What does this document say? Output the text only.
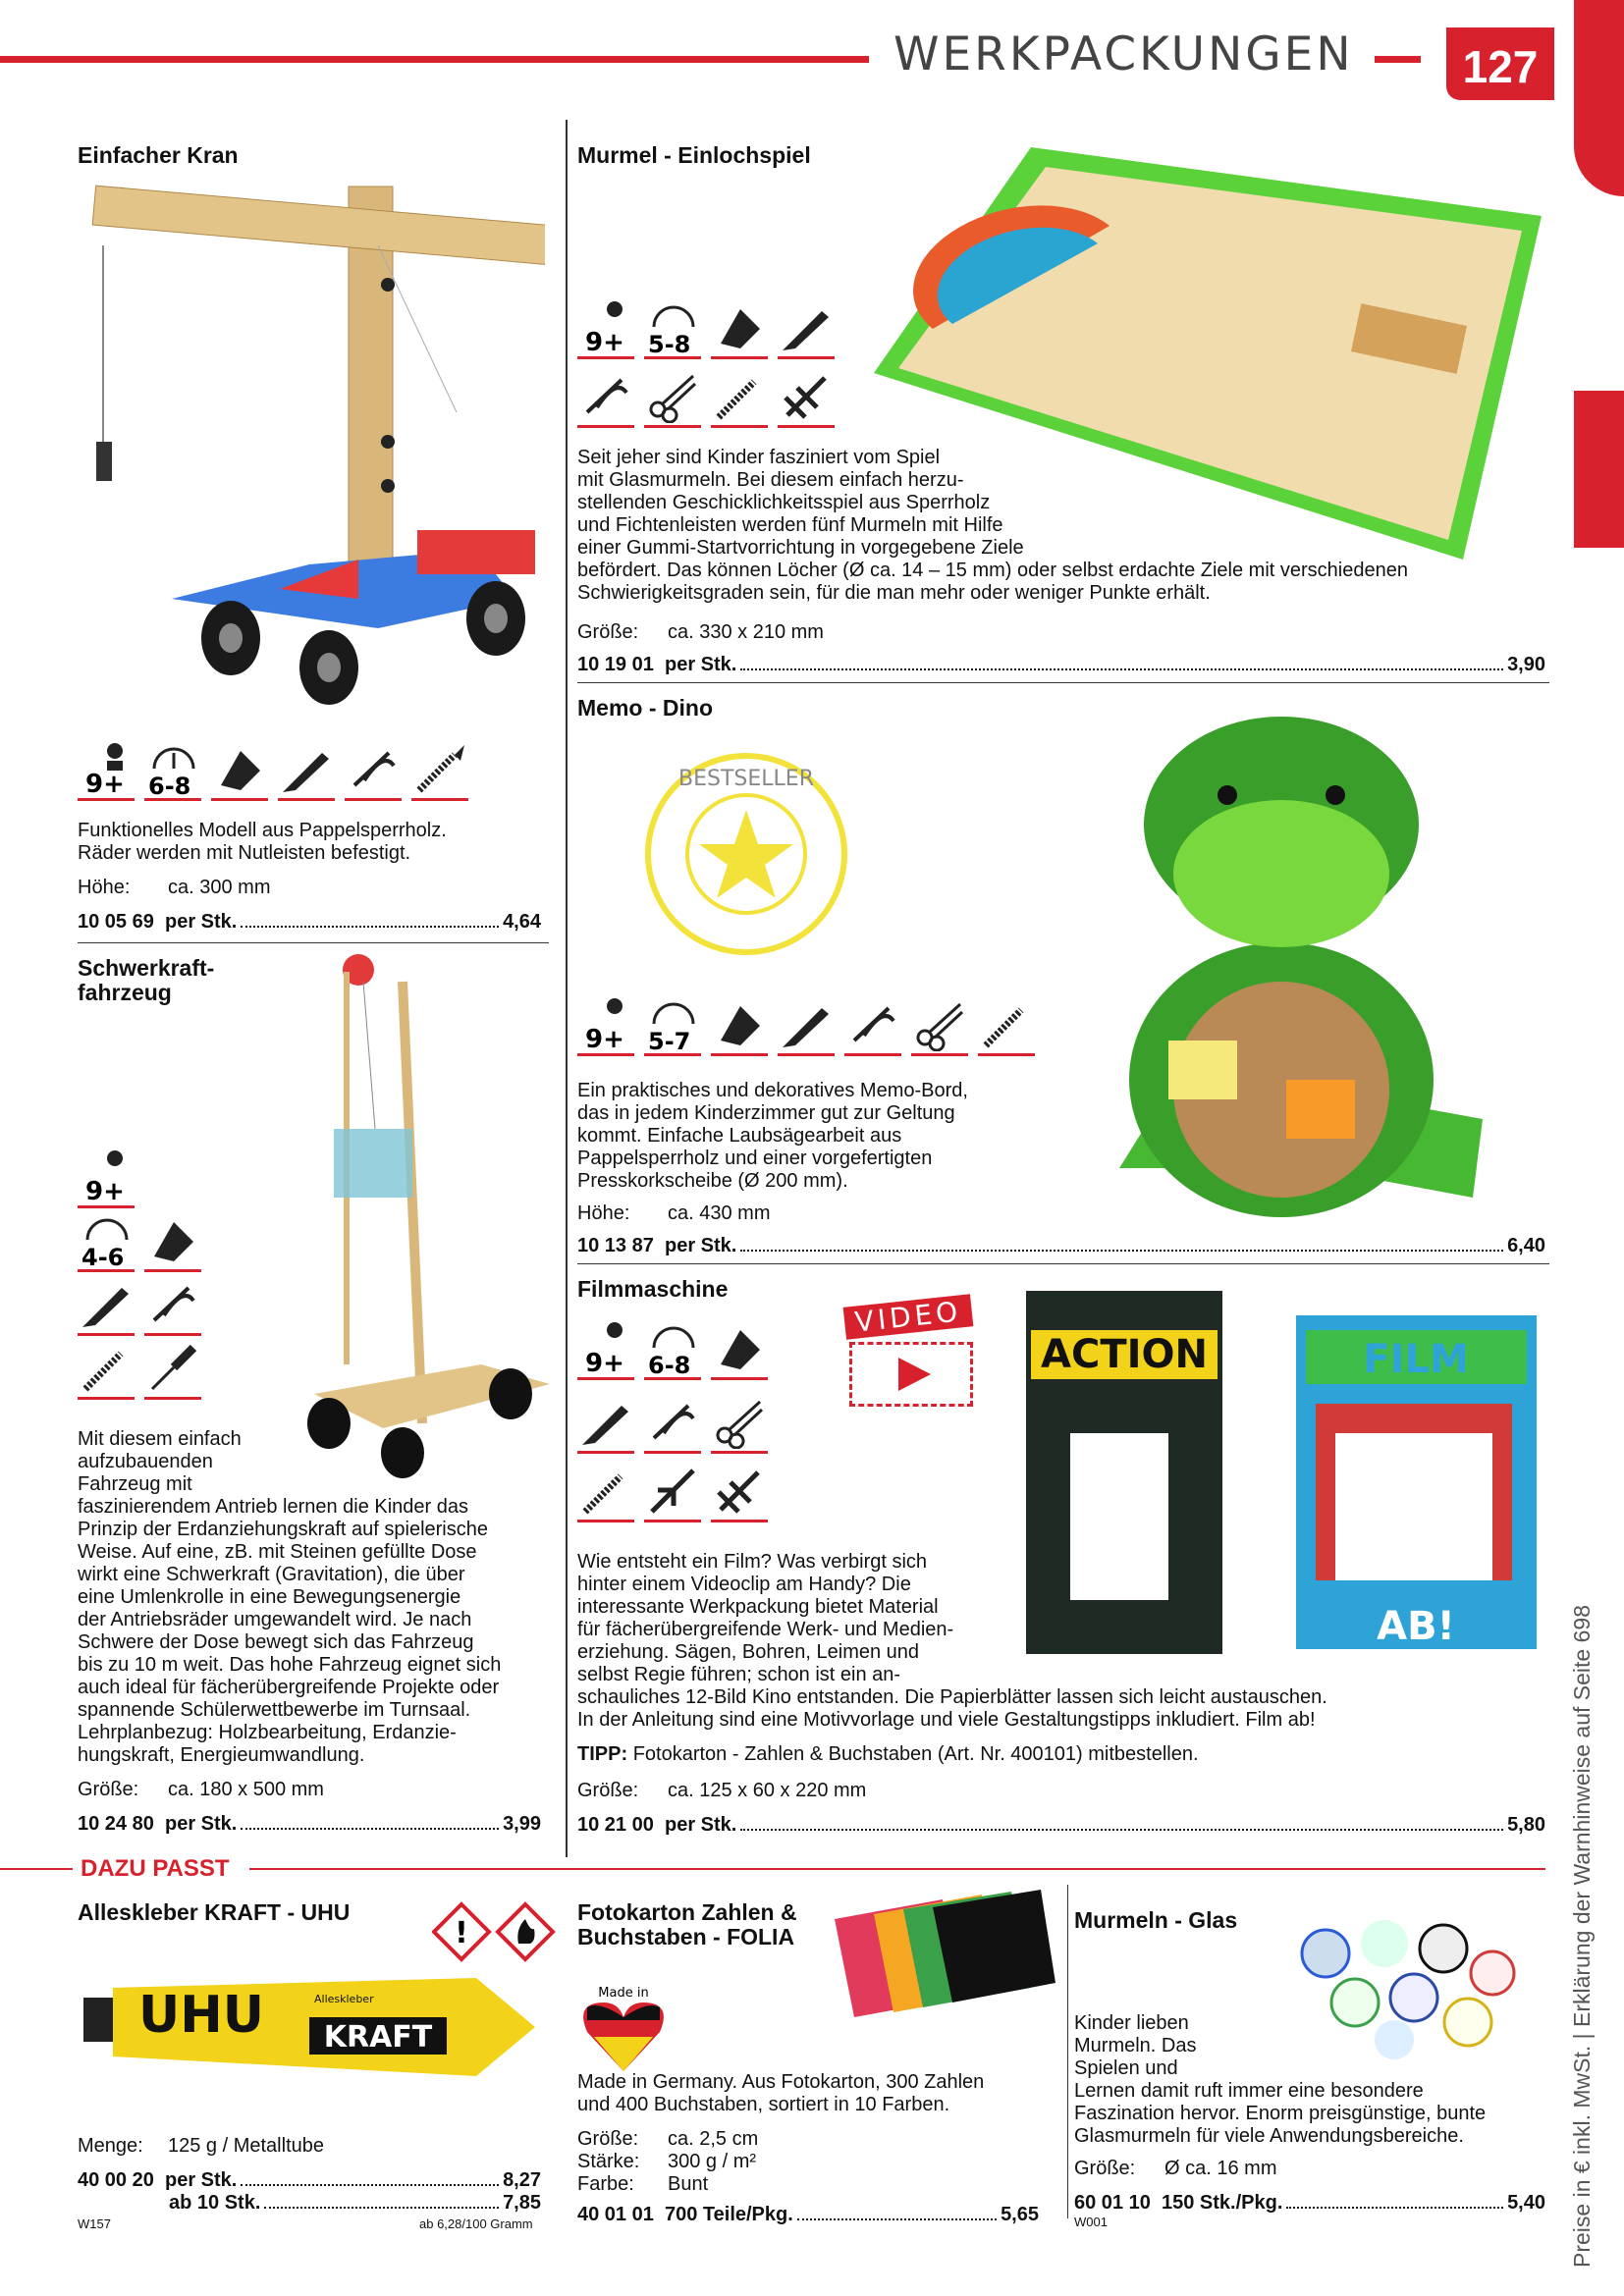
WERKPACKUNGEN	127
Preise in € inkl. MwSt. | Erklärung der Warnhinweise auf Seite 698
Einfacher Kran
9+ 6-8
Funktionelles Modell aus Pappelsperrholz.
Räder werden mit Nutleisten befestigt.
Höhe: ca. 300 mm
10 05 69
per Stk.	4,64
Murmel - Einlochspiel
9+ 5-8
Seit jeher sind Kinder fasziniert vom Spiel
mit Glasmurmeln. Bei diesem einfach herzu-
stellenden Geschicklichkeitsspiel aus Sperrholz
und Fichtenleisten werden fünf Murmeln mit Hilfe
einer Gummi-Startvorrichtung in vorgegebene Ziele
befördert. Das können Löcher (Ø ca. 14 – 15 mm) oder selbst erdachte Ziele mit verschiedenen
Schwierigkeitsgraden sein, für die man mehr oder weniger Punkte erhält.
Größe: ca. 330 x 210 mm
10 19 01
per Stk.	3,90
Memo - Dino
BESTSELLER
9+ 5-7
Ein praktisches und dekoratives Memo-Bord,
das in jedem Kinderzimmer gut zur Geltung
kommt. Einfache Laubsägearbeit aus
Pappelsperrholz und einer vorgefertigten
Presskorkscheibe (Ø 200 mm).
Höhe: ca. 430 mm
10 13 87
per Stk.	6,40
Schwerkraft-
fahrzeug
9+
4-6
Mit diesem einfach
aufzubauenden
Fahrzeug mit
faszinierendem Antrieb lernen die Kinder das
Prinzip der Erdanziehungskraft auf spielerische
Weise. Auf eine, zB. mit Steinen gefüllte Dose
wirkt eine Schwerkraft (Gravitation), die über
eine Umlenkrolle in eine Bewegungsenergie
der Antriebsräder umgewandelt wird. Je nach
Schwere der Dose bewegt sich das Fahrzeug
bis zu 10 m weit. Das hohe Fahrzeug eignet sich
auch ideal für fächerübergreifende Projekte oder
spannende Schülerwettbewerbe im Turnsaal.
Lehrplanbezug: Holzbearbeitung, Erdanzie-
hungskraft, Energieumwandlung.
Größe: ca. 180 x 500 mm
10 24 80
per Stk.	3,99
Filmmaschine
VIDEO
ACTION	FILM
AB!
9+ 6-8
Wie entsteht ein Film? Was verbirgt sich
hinter einem Videoclip am Handy? Die
interessante Werkpackung bietet Material
für fächerübergreifende Werk- und Medien-
erziehung. Sägen, Bohren, Leimen und
selbst Regie führen; schon ist ein an-
schauliches 12-Bild Kino entstanden. Die Papierblätter lassen sich leicht austauschen.
In der Anleitung sind eine Motivvorlage und viele Gestaltungstipps inkludiert. Film ab!
TIPP: Fotokarton - Zahlen & Buchstaben (Art. Nr. 400101) mitbestellen.
Größe: ca. 125 x 60 x 220 mm
10 21 00
per Stk.	5,80
DAZU PASST
Alleskleber KRAFT - UHU
!
UHU	Alleskleber
KRAFT
Menge: 125 g / Metalltube
40 00 20
per Stk.	8,27
ab 10 Stk.	7,85
W157	ab 6,28/100 Gramm
Fotokarton Zahlen &
Buchstaben - FOLIA
Made in
Made in Germany. Aus Fotokarton, 300 Zahlen
und 400 Buchstaben, sortiert in 10 Farben.
Größe: ca. 2,5 cm
Stärke: 300 g / m²
Farbe: Bunt
40 01 01
700 Teile/Pkg.	5,65
Murmeln - Glas
Kinder lieben
Murmeln. Das
Spielen und
Lernen damit ruft immer eine besondere
Faszination hervor. Enorm preisgünstige, bunte
Glasmurmeln für viele Anwendungsbereiche.
Größe: Ø ca. 16 mm
60 01 10
150 Stk./Pkg.	5,40
W001
